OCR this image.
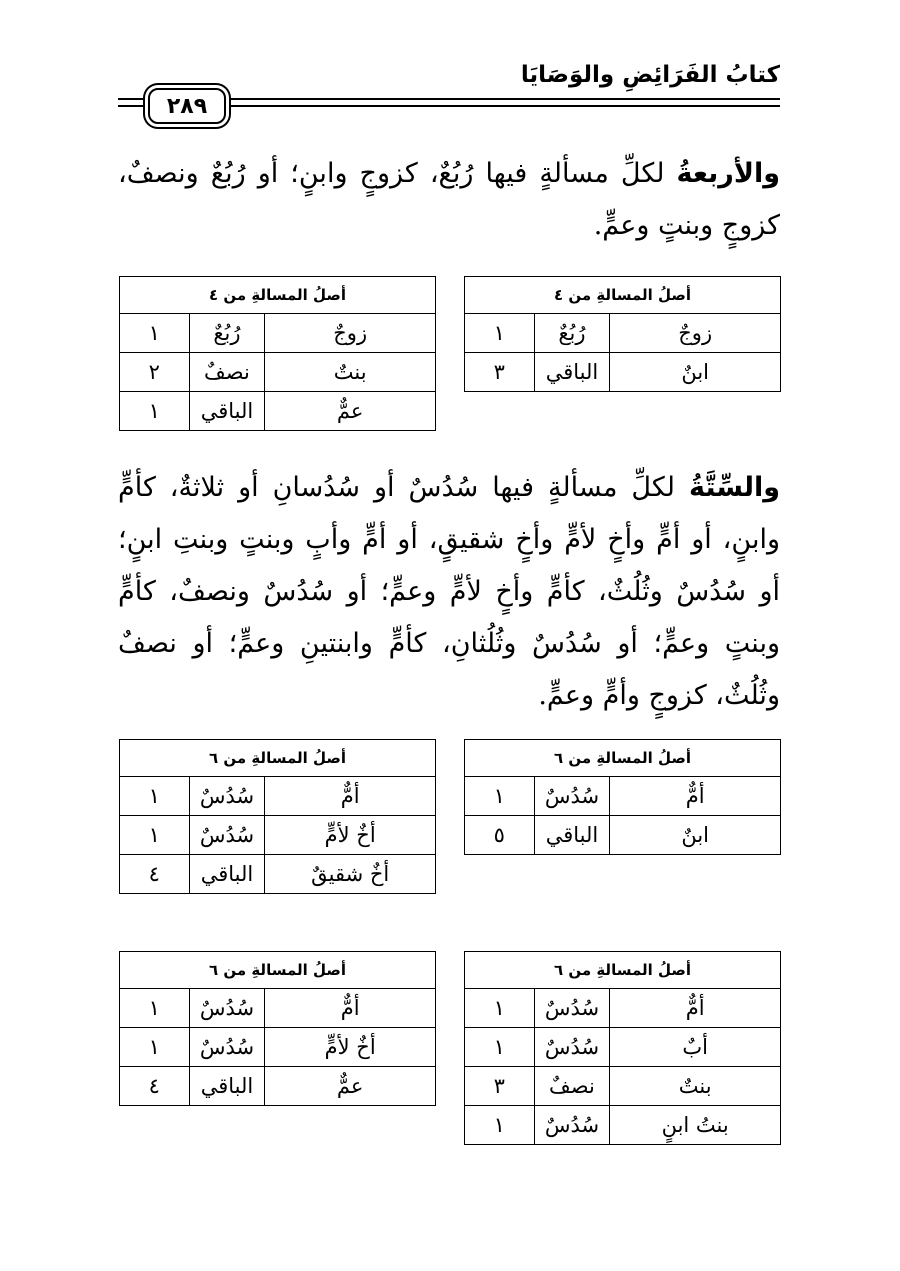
٢٨٩
كتابُ الفَرَائِضِ والوَصَايَا
والأربعةُ لكلِّ مسألةٍ فيها رُبُعٌ، كزوجٍ وابنٍ؛ أو رُبُعٌ ونصفٌ، كزوجٍ وبنتٍ وعمٍّ.
أصلُ المسالةِ من ٤		
زوجٌ	رُبُعٌ	١
ابنٌ	الباقي	٣
أصلُ المسالةِ من ٤		
زوجٌ	رُبُعٌ	١
بنتٌ	نصفٌ	٢
عمٌّ	الباقي	١
والسِّتَّةُ لكلِّ مسألةٍ فيها سُدُسٌ أو سُدُسانِ أو ثلاثةٌ، كأمٍّ وابنٍ، أو أمٍّ وأخٍ لأمٍّ وأخٍ شقيقٍ، أو أمٍّ وأبٍ وبنتٍ وبنتِ ابنٍ؛ أو سُدُسٌ وثُلُثٌ، كأمٍّ وأخٍ لأمٍّ وعمٍّ؛ أو سُدُسٌ ونصفٌ، كأمٍّ وبنتٍ وعمٍّ؛ أو سُدُسٌ وثُلُثانِ، كأمٍّ وابنتينِ وعمٍّ؛ أو نصفٌ وثُلُثٌ، كزوجٍ وأمٍّ وعمٍّ.
أصلُ المسالةِ من ٦		
أمٌّ	سُدُسٌ	١
ابنٌ	الباقي	٥
أصلُ المسالةِ من ٦		
أمٌّ	سُدُسٌ	١
أخٌ لأمٍّ	سُدُسٌ	١
أخٌ شقيقٌ	الباقي	٤
أصلُ المسالةِ من ٦		
أمٌّ	سُدُسٌ	١
أبٌ	سُدُسٌ	١
بنتٌ	نصفٌ	٣
بنتُ ابنٍ	سُدُسٌ	١
أصلُ المسالةِ من ٦		
أمٌّ	سُدُسٌ	١
أخٌ لأمٍّ	سُدُسٌ	١
عمٌّ	الباقي	٤
